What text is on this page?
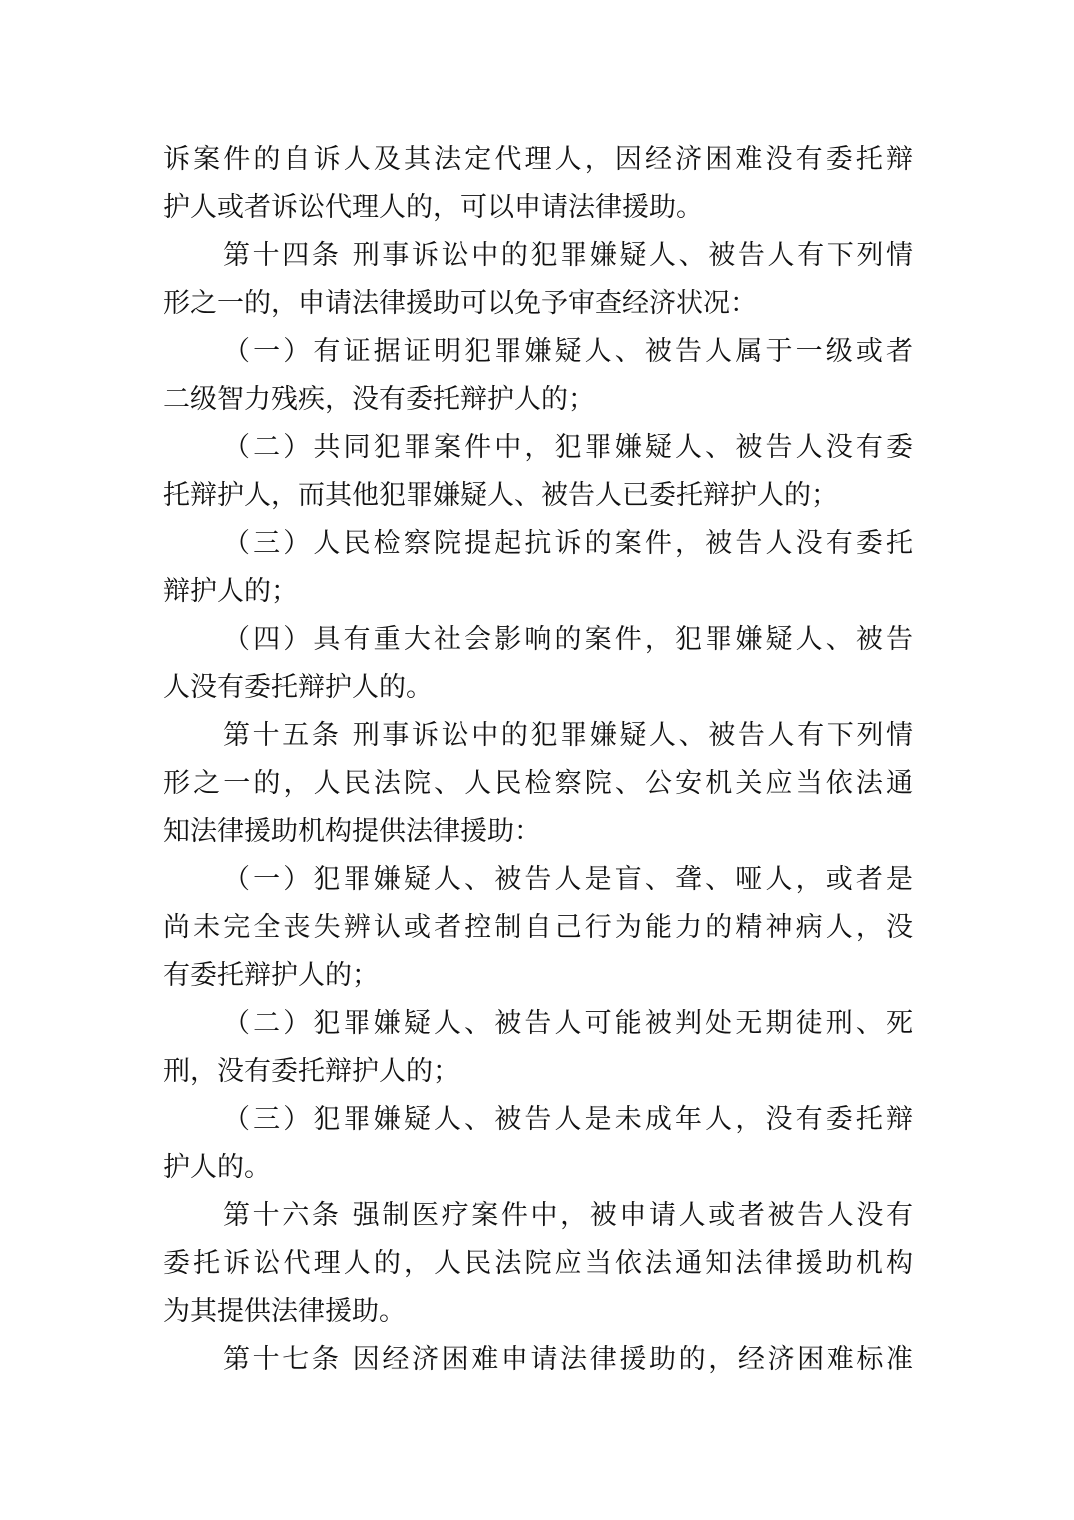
诉案件的自诉人及其法定代理人，因经济困难没有委托辩
护人或者诉讼代理人的，可以申请法律援助。
第十四条 刑事诉讼中的犯罪嫌疑人、被告人有下列情
形之一的，申请法律援助可以免予审查经济状况：
（一）有证据证明犯罪嫌疑人、被告人属于一级或者
二级智力残疾，没有委托辩护人的；
（二）共同犯罪案件中，犯罪嫌疑人、被告人没有委
托辩护人，而其他犯罪嫌疑人、被告人已委托辩护人的；
（三）人民检察院提起抗诉的案件，被告人没有委托
辩护人的；
（四）具有重大社会影响的案件，犯罪嫌疑人、被告
人没有委托辩护人的。
第十五条 刑事诉讼中的犯罪嫌疑人、被告人有下列情
形之一的，人民法院、人民检察院、公安机关应当依法通
知法律援助机构提供法律援助：
（一）犯罪嫌疑人、被告人是盲、聋、哑人，或者是
尚未完全丧失辨认或者控制自己行为能力的精神病人，没
有委托辩护人的；
（二）犯罪嫌疑人、被告人可能被判处无期徒刑、死
刑，没有委托辩护人的；
（三）犯罪嫌疑人、被告人是未成年人，没有委托辩
护人的。
第十六条 强制医疗案件中，被申请人或者被告人没有
委托诉讼代理人的，人民法院应当依法通知法律援助机构
为其提供法律援助。
第十七条 因经济困难申请法律援助的，经济困难标准
